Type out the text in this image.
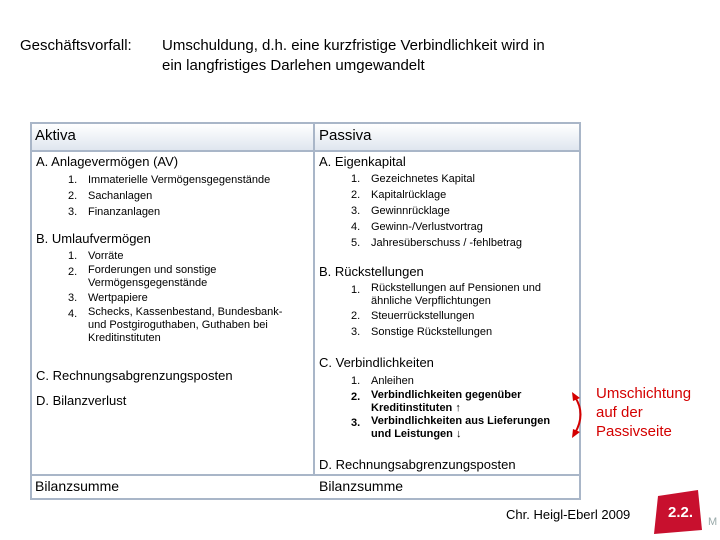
Geschäftsvorfall: Umschuldung, d.h. eine kurzfristige Verbindlichkeit wird in
ein langfristiges Darlehen umgewandelt
Aktiva	Passiva
A. Anlagevermögen (AV)
1. Immaterielle Vermögensgegenstände
2. Sachanlagen
3. Finanzanlagen
B. Umlaufvermögen
1. Vorräte
2. Forderungen und sonstige
Vermögensgegenstände
3. Wertpapiere
4. Schecks, Kassenbestand, Bundesbank-
und Postgiroguthaben, Guthaben bei
Kreditinstituten
C. Rechnungsabgrenzungsposten
D. Bilanzverlust
A. Eigenkapital
1. Gezeichnetes Kapital
2. Kapitalrücklage
3. Gewinnrücklage
4. Gewinn-/Verlustvortrag
5. Jahresüberschuss / -fehlbetrag
B. Rückstellungen
1. Rückstellungen auf Pensionen und
ähnliche Verpflichtungen
2. Steuerrückstellungen
3. Sonstige Rückstellungen
C. Verbindlichkeiten
1. Anleihen
2. Verbindlichkeiten gegenüber
Kreditinstituten ↑
3. Verbindlichkeiten aus Lieferungen
und Leistungen ↓
D. Rechnungsabgrenzungsposten
Bilanzsumme	Bilanzsumme
Umschichtung
auf der
Passivseite
Chr. Heigl-Eberl 2009	2.2.
M
